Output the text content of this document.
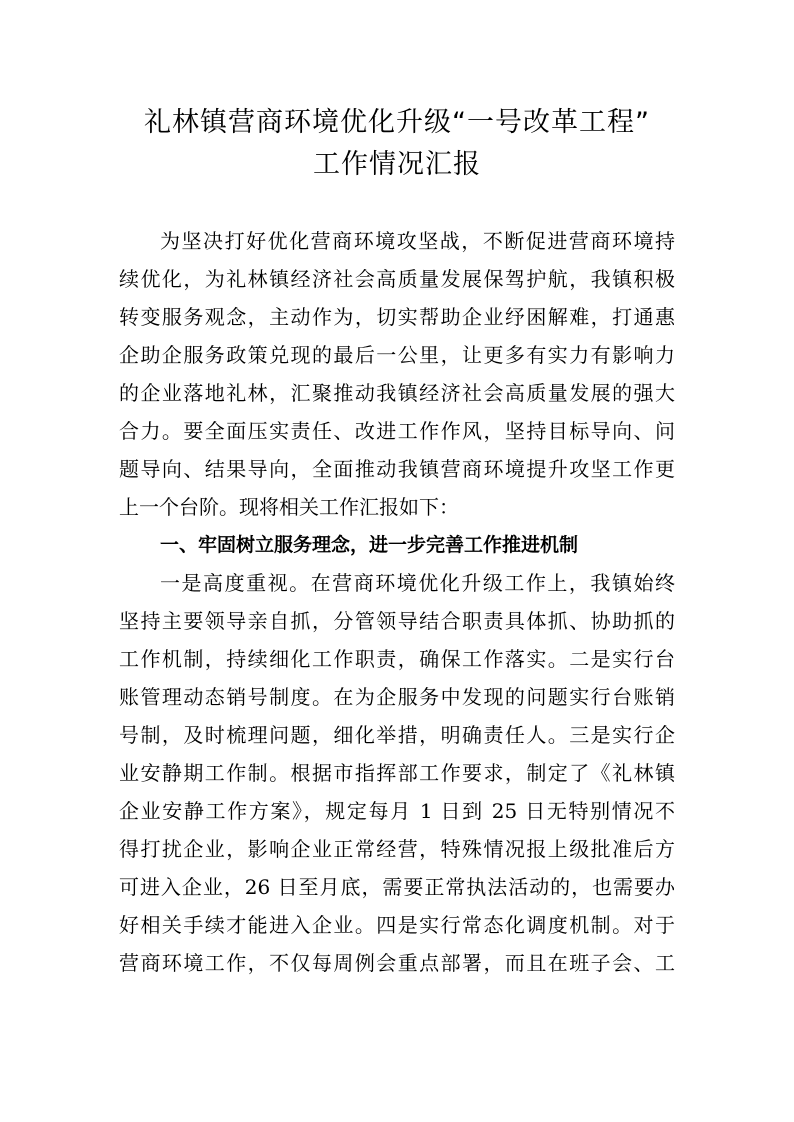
礼林镇营商环境优化升级“一号改革工程”
工作情况汇报

为坚决打好优化营商环境攻坚战，不断促进营商环境持

续优化，为礼林镇经济社会高质量发展保驾护航，我镇积极

转变服务观念，主动作为，切实帮助企业纾困解难，打通惠

企助企服务政策兑现的最后一公里，让更多有实力有影响力

的企业落地礼林，汇聚推动我镇经济社会高质量发展的强大

合力。要全面压实责任、改进工作作风，坚持目标导向、问

题导向、结果导向，全面推动我镇营商环境提升攻坚工作更

上一个台阶。现将相关工作汇报如下：

一、牢固树立服务理念，进一步完善工作推进机制

一是高度重视。在营商环境优化升级工作上，我镇始终

坚持主要领导亲自抓，分管领导结合职责具体抓、协助抓的

工作机制，持续细化工作职责，确保工作落实。二是实行台

账管理动态销号制度。在为企服务中发现的问题实行台账销

号制，及时梳理问题，细化举措，明确责任人。三是实行企

业安静期工作制。根据市指挥部工作要求，制定了《礼林镇

企业安静工作方案》，规定每月 1 日到 25 日无特别情况不

得打扰企业，影响企业正常经营，特殊情况报上级批准后方

可进入企业，26 日至月底，需要正常执法活动的，也需要办

好相关手续才能进入企业。四是实行常态化调度机制。对于

营商环境工作，不仅每周例会重点部署，而且在班子会、工
